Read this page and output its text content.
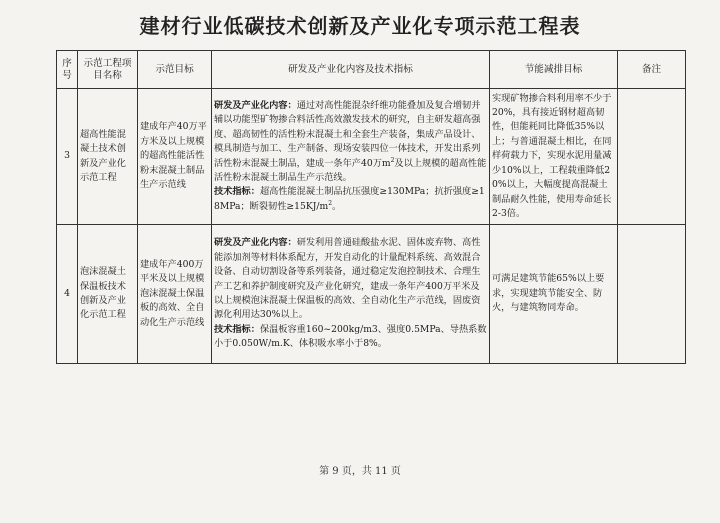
建材行业低碳技术创新及产业化专项示范工程表
序号	示范工程项目名称	示范目标	研发及产业化内容及技术指标	节能减排目标	备注
3	超高性能混凝土技术创新及产业化示范工程	建成年产40万平方米及以上规模的超高性能活性粉末混凝土制品生产示范线	研发及产业化内容：通过对高性能混杂纤维功能叠加及复合增韧并辅以功能型矿物掺合料活性高效激发技术的研究，自主研发超高强度、超高韧性的活性粉末混凝土和全套生产装备，集成产品设计、模具制造与加工、生产制备、现场安装四位一体技术，开发出系列活性粉末混凝土制品，建成一条年产40万$m^2$及以上规模的超高性能活性粉末混凝土制品生产示范线。
技术指标：超高性能混凝土制品抗压强度≥130MPa；抗折强度≥18MPa；断裂韧性$\ge 15KJ/m^2$。	实现矿物掺合料利用率不少于20%，具有接近钢材超高韧性，但能耗同比降低35%以上；与普通混凝土相比，在同样荷载力下，实现水泥用量减少10%以上，工程载重降低20%以上，大幅度提高混凝土制品耐久性能，使用寿命延长2-3倍。	
4	泡沫混凝土保温板技术创新及产业化示范工程	建成年产400万平米及以上规模泡沫混凝土保温板的高效、全自动化生产示范线	研发及产业化内容：研发利用普通硅酸盐水泥、固体废弃物、高性能添加剂等材料体系配方，开发自动化的计量配料系统、高效混合设备、自动切割设备等系列装备，通过稳定发泡控制技术、合理生产工艺和养护制度研究及产业化研究，建成一条年产400万平米及以上规模泡沫混凝土保温板的高效、全自动化生产示范线，固废资源化利用达30%以上。
技术指标：保温板容重160~200kg/m3、强度0.5MPa、导热系数小于0.050W/m.K、体积吸水率小于8%。	可满足建筑节能65%以上要求，实现建筑节能安全、防火，与建筑物同寿命。	
第 9 页，共 11 页
